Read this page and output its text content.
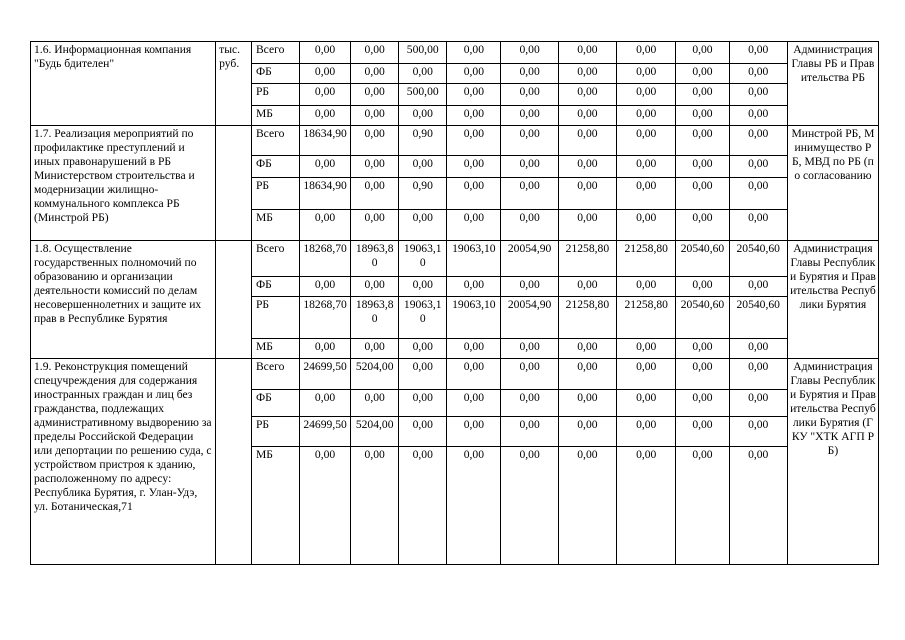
1.6. Информационная компания "Будь бдителен"	тыс. руб.	Всего	0,00	0,00	500,00	0,00	0,00	0,00	0,00	0,00	0,00	Администрация Главы РБ и Правительства РБ
		ФБ	0,00	0,00	0,00	0,00	0,00	0,00	0,00	0,00	0,00	
		РБ	0,00	0,00	500,00	0,00	0,00	0,00	0,00	0,00	0,00	
		МБ	0,00	0,00	0,00	0,00	0,00	0,00	0,00	0,00	0,00	
1.7. Реализация мероприятий по профилактике преступлений и иных правонарушений в РБ Министерством строительства и модернизации жилищно-коммунального комплекса РБ (Минстрой РБ)		Всего	18634,90	0,00	0,90	0,00	0,00	0,00	0,00	0,00	0,00	Минстрой РБ, Минимущество РБ, МВД по РБ (по согласованию
		ФБ	0,00	0,00	0,00	0,00	0,00	0,00	0,00	0,00	0,00	
		РБ	18634,90	0,00	0,90	0,00	0,00	0,00	0,00	0,00	0,00	
		МБ	0,00	0,00	0,00	0,00	0,00	0,00	0,00	0,00	0,00	
1.8. Осуществление государственных полномочий по образованию и организации деятельности комиссий по делам несовершеннолетних и защите их прав в Республике Бурятия		Всего	18268,70	18963,80	19063,10	19063,10	20054,90	21258,80	21258,80	20540,60	20540,60	Администрация Главы Республики Бурятия и Правительства Республики Бурятия
		ФБ	0,00	0,00	0,00	0,00	0,00	0,00	0,00	0,00	0,00	
		РБ	18268,70	18963,80	19063,10	19063,10	20054,90	21258,80	21258,80	20540,60	20540,60	
		МБ	0,00	0,00	0,00	0,00	0,00	0,00	0,00	0,00	0,00	
1.9. Реконструкция помещений спецучреждения для содержания иностранных граждан и лиц без гражданства, подлежащих административному выдворению за пределы Российской Федерации или депортации по решению суда, с устройством пристроя к зданию, расположенному по адресу: Республика Бурятия, г. Улан-Удэ, ул. Ботаническая,71		Всего	24699,50	5204,00	0,00	0,00	0,00	0,00	0,00	0,00	0,00	Администрация Главы Республики Бурятия и Правительства Республики Бурятия (ГКУ "ХТК АГП РБ)
		ФБ	0,00	0,00	0,00	0,00	0,00	0,00	0,00	0,00	0,00	
		РБ	24699,50	5204,00	0,00	0,00	0,00	0,00	0,00	0,00	0,00	
		МБ	0,00	0,00	0,00	0,00	0,00	0,00	0,00	0,00	0,00	
